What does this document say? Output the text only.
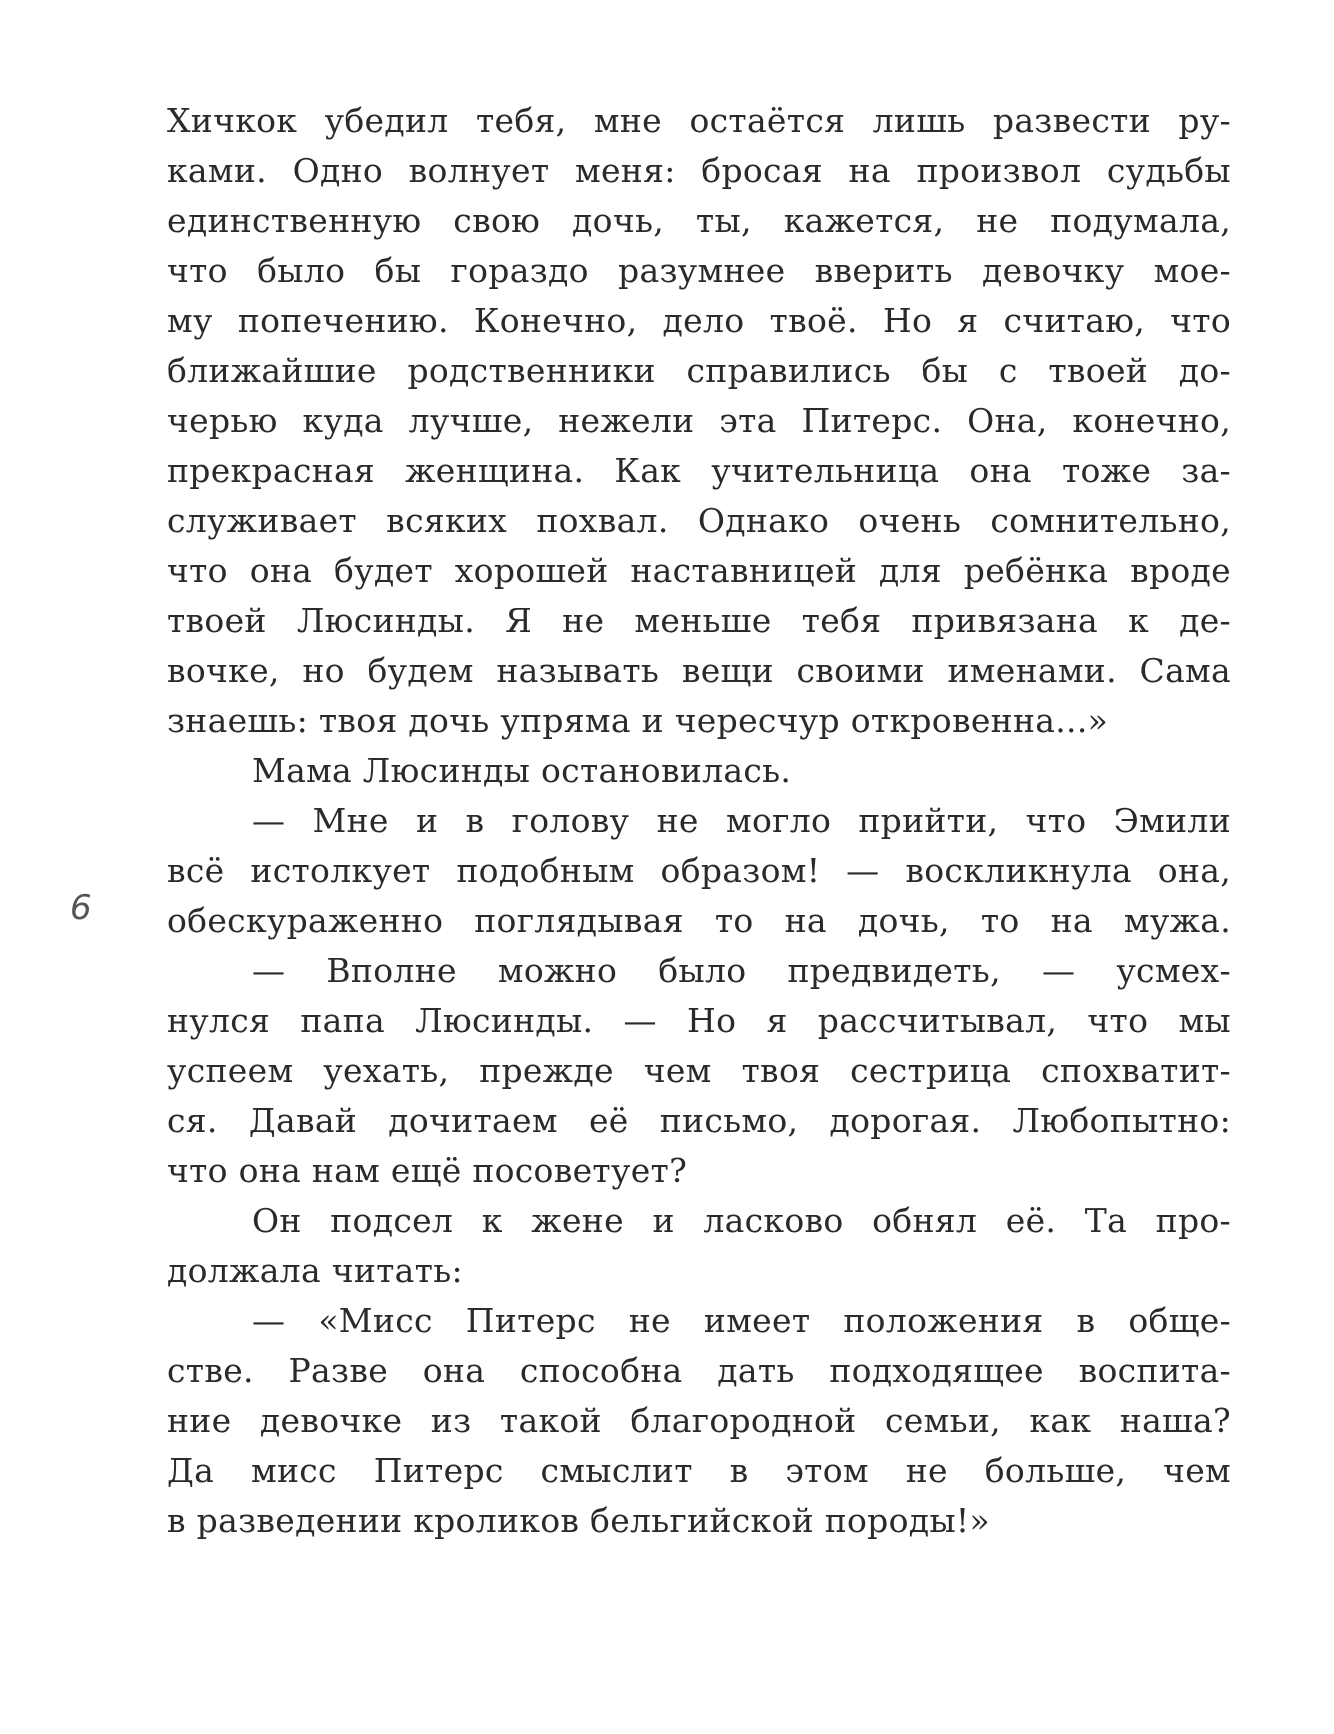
Хичкок убедил тебя, мне остаётся лишь развести ру-
ками. Одно волнует меня: бросая на произвол судьбы
единственную свою дочь, ты, кажется, не подумала,
что было бы гораздо разумнее вверить девочку мое-
му попечению. Конечно, дело твоё. Но я считаю, что
ближайшие родственники справились бы с твоей до-
черью куда лучше, нежели эта Питерс. Она, конечно,
прекрасная женщина. Как учительница она тоже за-
служивает всяких похвал. Однако очень сомнительно,
что она будет хорошей наставницей для ребёнка вроде
твоей Люсинды. Я не меньше тебя привязана к де-
вочке, но будем называть вещи своими именами. Сама
знаешь: твоя дочь упряма и чересчур откровенна...»
Мама Люсинды остановилась.
— Мне и в голову не могло прийти, что Эмили
всё истолкует подобным образом! — воскликнула она,
обескураженно поглядывая то на дочь, то на мужа.
— Вполне можно было предвидеть, — усмех-
нулся папа Люсинды. — Но я рассчитывал, что мы
успеем уехать, прежде чем твоя сестрица спохватит-
ся. Давай дочитаем её письмо, дорогая. Любопытно:
что она нам ещё посоветует?
Он подсел к жене и ласково обнял её. Та про-
должала читать:
— «Мисс Питерс не имеет положения в обще-
стве. Разве она способна дать подходящее воспита-
ние девочке из такой благородной семьи, как наша?
Да мисс Питерс смыслит в этом не больше, чем
в разведении кроликов бельгийской породы!»
6
